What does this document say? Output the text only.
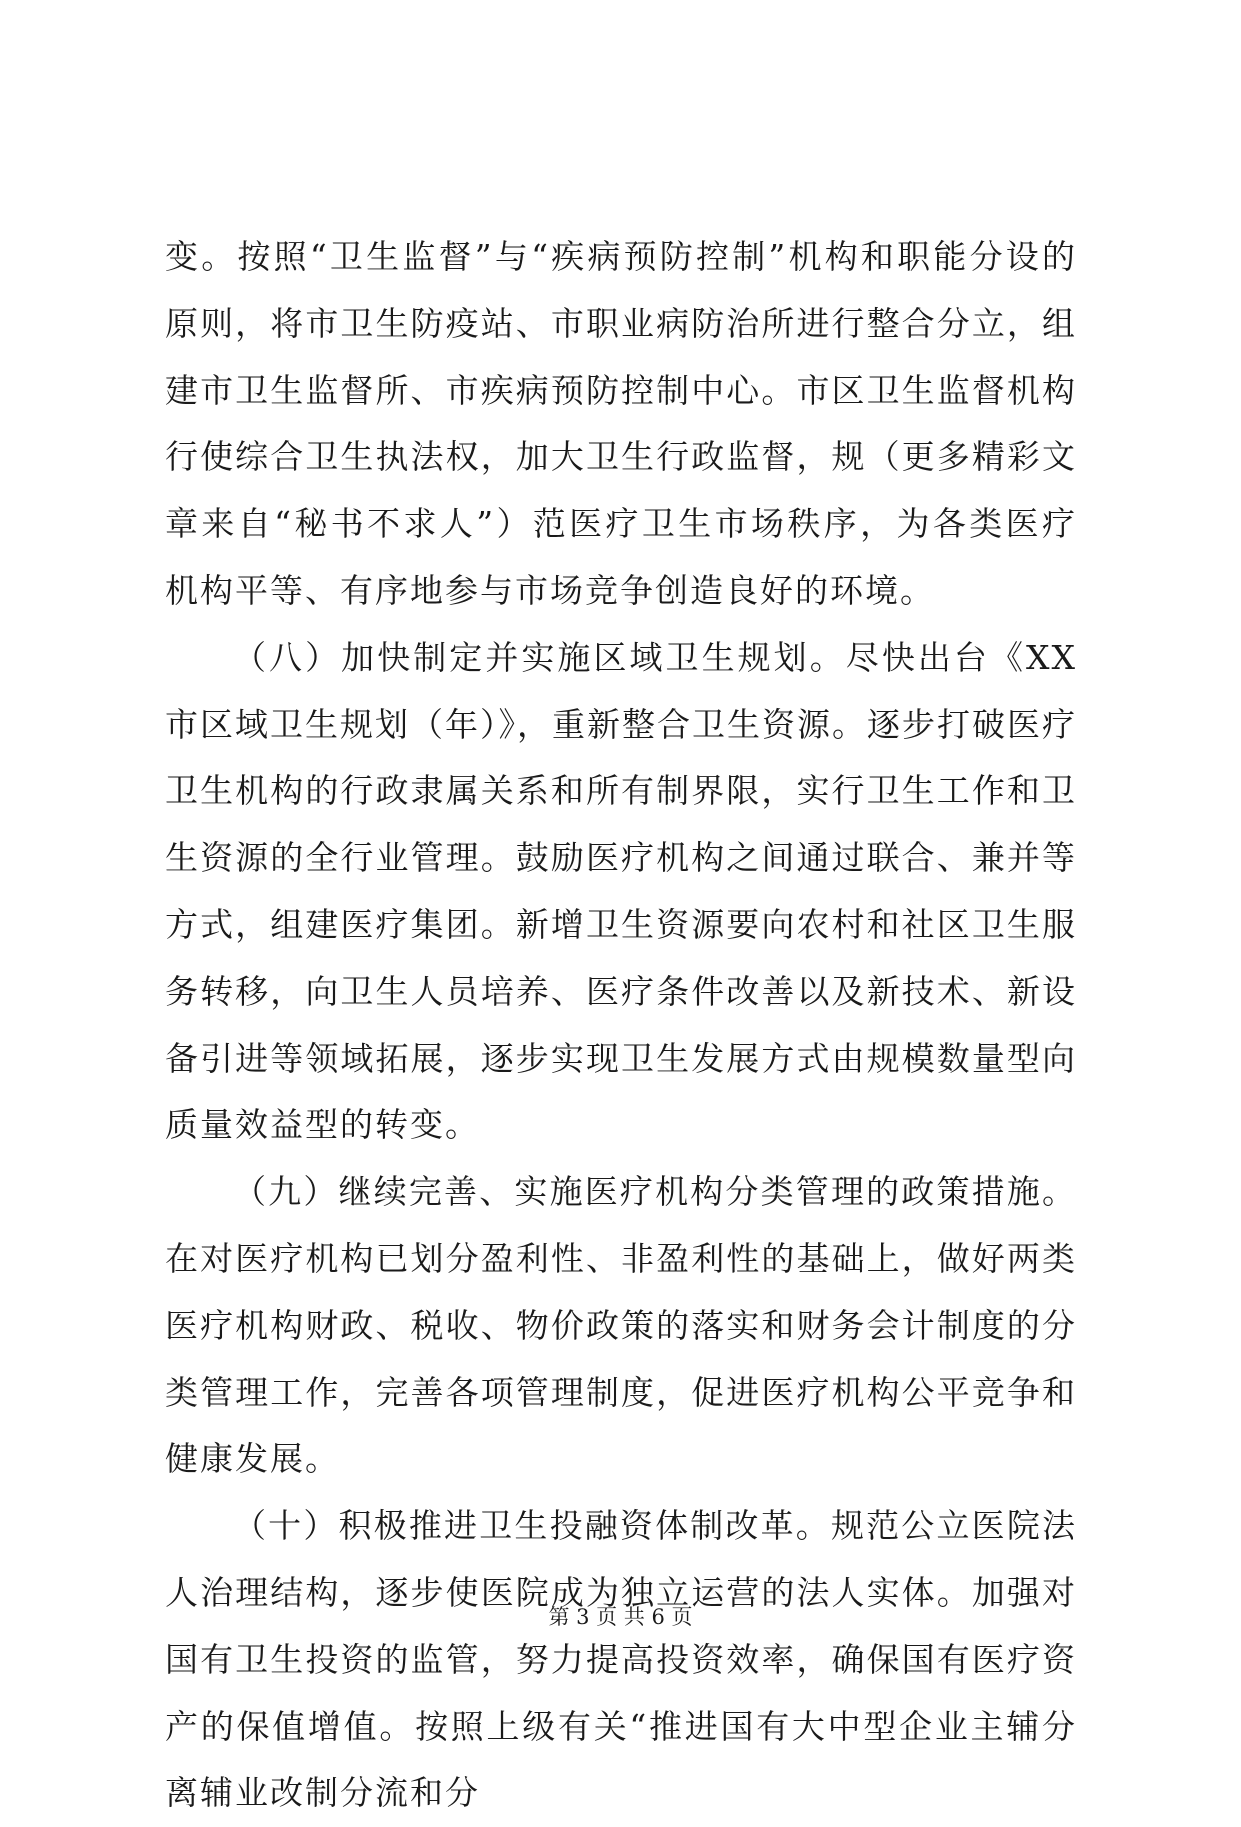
变。按照“卫生监督”与“疾病预防控制”机构和职能分设的原则，将市卫生防疫站、市职业病防治所进行整合分立，组建市卫生监督所、市疾病预防控制中心。市区卫生监督机构行使综合卫生执法权，加大卫生行政监督，规（更多精彩文章来自“秘书不求人”）范医疗卫生市场秩序，为各类医疗机构平等、有序地参与市场竞争创造良好的环境。

（八）加快制定并实施区域卫生规划。尽快出台《XX市区域卫生规划（年）》，重新整合卫生资源。逐步打破医疗卫生机构的行政隶属关系和所有制界限，实行卫生工作和卫生资源的全行业管理。鼓励医疗机构之间通过联合、兼并等方式，组建医疗集团。新增卫生资源要向农村和社区卫生服务转移，向卫生人员培养、医疗条件改善以及新技术、新设备引进等领域拓展，逐步实现卫生发展方式由规模数量型向质量效益型的转变。

（九）继续完善、实施医疗机构分类管理的政策措施。在对医疗机构已划分盈利性、非盈利性的基础上，做好两类医疗机构财政、税收、物价政策的落实和财务会计制度的分类管理工作，完善各项管理制度，促进医疗机构公平竞争和健康发展。

（十）积极推进卫生投融资体制改革。规范公立医院法人治理结构，逐步使医院成为独立运营的法人实体。加强对国有卫生投资的监管，努力提高投资效率，确保国有医疗资产的保值增值。按照上级有关“推进国有大中型企业主辅分离辅业改制分流和分

第 3 页 共 6 页
